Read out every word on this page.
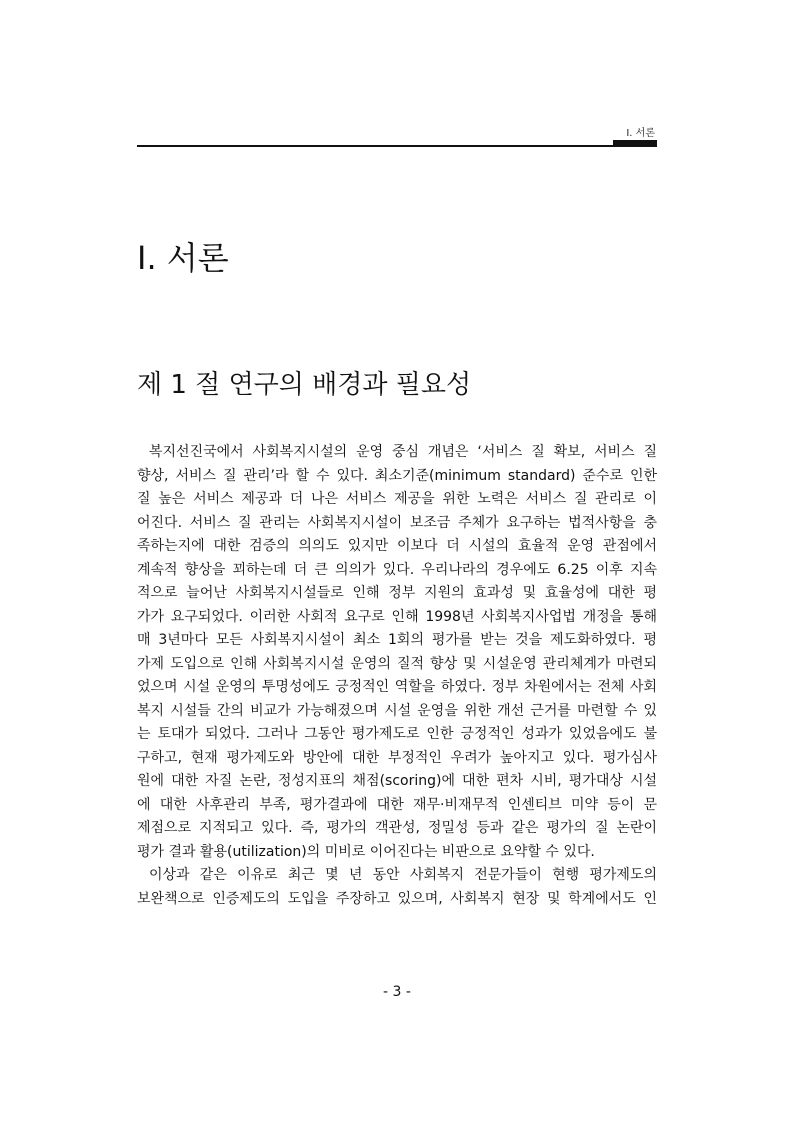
Ⅰ. 서론
Ⅰ. 서론
제 1 절 연구의 배경과 필요성
복지선진국에서 사회복지시설의 운영 중심 개념은 ‘서비스 질 확보, 서비스 질
향상, 서비스 질 관리’라 할 수 있다. 최소기준(minimum standard) 준수로 인한
질 높은 서비스 제공과 더 나은 서비스 제공을 위한 노력은 서비스 질 관리로 이
어진다. 서비스 질 관리는 사회복지시설이 보조금 주체가 요구하는 법적사항을 충
족하는지에 대한 검증의 의의도 있지만 이보다 더 시설의 효율적 운영 관점에서
계속적 향상을 꾀하는데 더 큰 의의가 있다. 우리나라의 경우에도 6.25 이후 지속
적으로 늘어난 사회복지시설들로 인해 정부 지원의 효과성 및 효율성에 대한 평
가가 요구되었다. 이러한 사회적 요구로 인해 1998년 사회복지사업법 개정을 통해
매 3년마다 모든 사회복지시설이 최소 1회의 평가를 받는 것을 제도화하였다. 평
가제 도입으로 인해 사회복지시설 운영의 질적 향상 및 시설운영 관리체계가 마련되
었으며 시설 운영의 투명성에도 긍정적인 역할을 하였다. 정부 차원에서는 전체 사회
복지 시설들 간의 비교가 가능해졌으며 시설 운영을 위한 개선 근거를 마련할 수 있
는 토대가 되었다. 그러나 그동안 평가제도로 인한 긍정적인 성과가 있었음에도 불
구하고, 현재 평가제도와 방안에 대한 부정적인 우려가 높아지고 있다. 평가심사
원에 대한 자질 논란, 정성지표의 채점(scoring)에 대한 편차 시비, 평가대상 시설
에 대한 사후관리 부족, 평가결과에 대한 재무·비재무적 인센티브 미약 등이 문
제점으로 지적되고 있다. 즉, 평가의 객관성, 정밀성 등과 같은 평가의 질 논란이
평가 결과 활용(utilization)의 미비로 이어진다는 비판으로 요약할 수 있다.
이상과 같은 이유로 최근 몇 년 동안 사회복지 전문가들이 현행 평가제도의
보완책으로 인증제도의 도입을 주장하고 있으며, 사회복지 현장 및 학계에서도 인
- 3 -
